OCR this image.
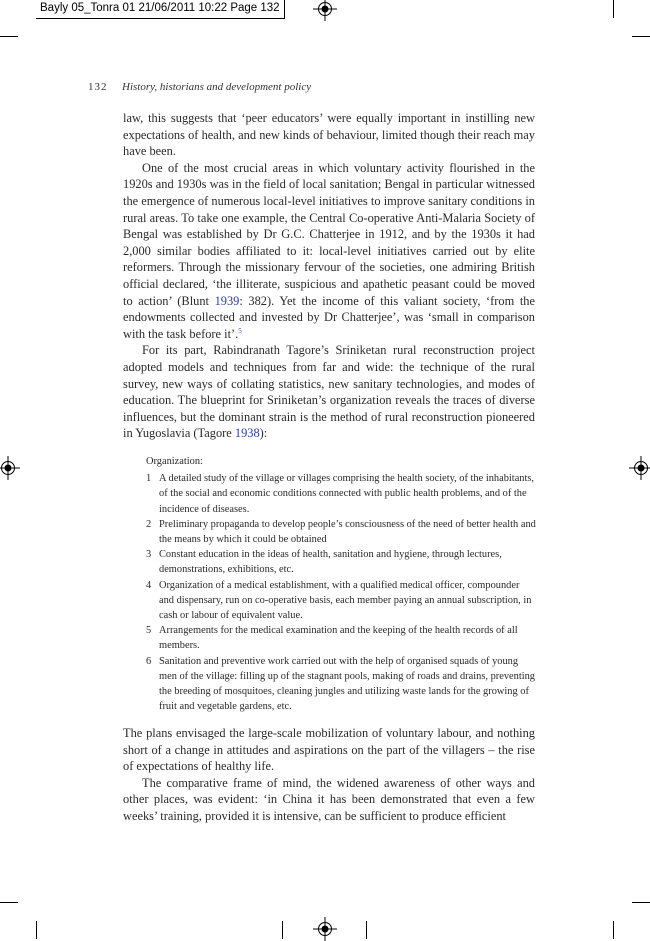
Bayly 05_Tonra 01 21/06/2011 10:22 Page 132
132 History, historians and development policy

law, this suggests that ‘peer educators’ were equally important in instilling new expectations of health, and new kinds of behaviour, limited though their reach may have been.

One of the most crucial areas in which voluntary activity flourished in the 1920s and 1930s was in the field of local sanitation; Bengal in particular witnessed the emergence of numerous local-level initiatives to improve sanitary conditions in rural areas. To take one example, the Central Co-operative Anti-Malaria Society of Bengal was established by Dr G.C. Chatterjee in 1912, and by the 1930s it had 2,000 similar bodies affiliated to it: local-level initiatives carried out by elite reformers. Through the missionary fervour of the societies, one admiring British official declared, ‘the illiterate, suspicious and apathetic peasant could be moved to action’ (Blunt 1939: 382). Yet the income of this valiant society, ‘from the endowments collected and invested by Dr Chatterjee’, was ‘small in comparison with the task before it’.$^5$

For its part, Rabindranath Tagore’s Sriniketan rural reconstruction project adopted models and techniques from far and wide: the technique of the rural survey, new ways of collating statistics, new sanitary technologies, and modes of education. The blueprint for Sriniketan’s organization reveals the traces of diverse influences, but the dominant strain is the method of rural reconstruction pioneered in Yugoslavia (Tagore 1938):

Organization:

1 A detailed study of the village or villages comprising the health society, of the inhabitants, of the social and economic conditions connected with public health problems, and of the incidence of diseases.
2 Preliminary propaganda to develop people’s consciousness of the need of better health and the means by which it could be obtained
3 Constant education in the ideas of health, sanitation and hygiene, through lectures, demonstrations, exhibitions, etc.
4 Organization of a medical establishment, with a qualified medical officer, compounder and dispensary, run on co-operative basis, each member paying an annual subscription, in cash or labour of equivalent value.
5 Arrangements for the medical examination and the keeping of the health records of all members.
6 Sanitation and preventive work carried out with the help of organised squads of young men of the village: filling up of the stagnant pools, making of roads and drains, preventing the breeding of mosquitoes, cleaning jungles and utilizing waste lands for the growing of fruit and vegetable gardens, etc.

The plans envisaged the large-scale mobilization of voluntary labour, and nothing short of a change in attitudes and aspirations on the part of the villagers – the rise of expectations of healthy life.

The comparative frame of mind, the widened awareness of other ways and other places, was evident: ‘in China it has been demonstrated that even a few weeks’ training, provided it is intensive, can be sufficient to produce efficient
